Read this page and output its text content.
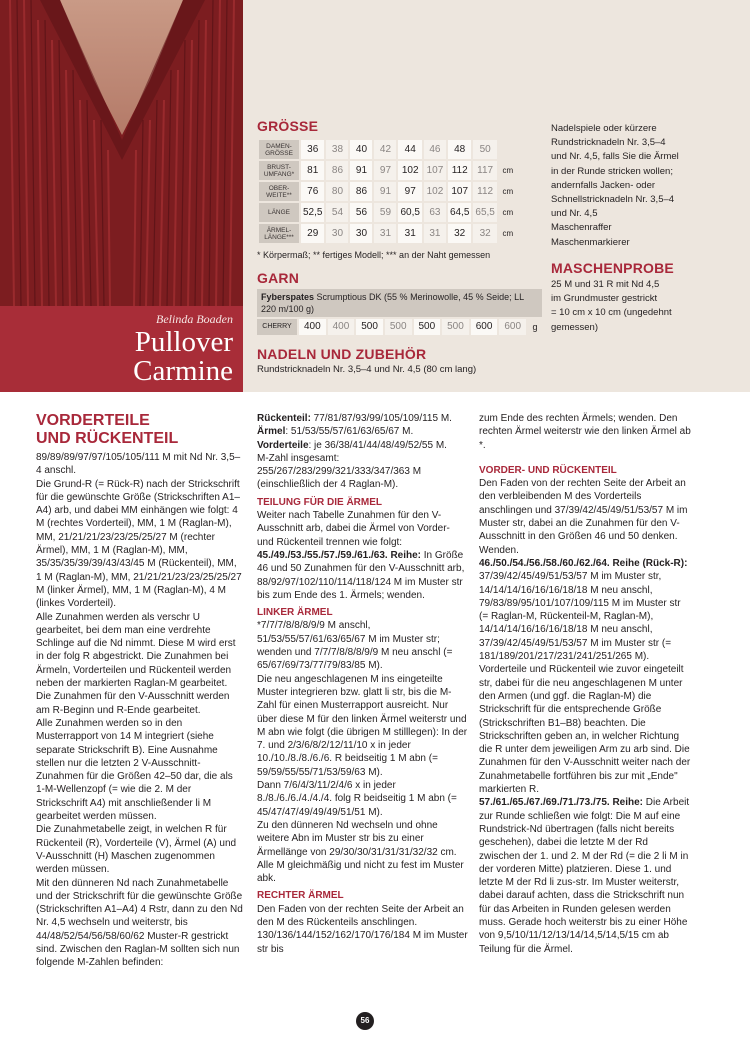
Belinda Boaden
Pullover
Carmine
GRÖSSE
DAMEN-GRÖSSE	36	38	40	42	44	46	48	50	
BRUST-UMFANG*	81	86	91	97	102	107	112	117	cm
OBER-WEITE**	76	80	86	91	97	102	107	112	cm
LÄNGE	52,5	54	56	59	60,5	63	64,5	65,5	cm
ÄRMEL-LÄNGE***	29	30	30	31	31	31	32	32	cm
* Körpermaß; ** fertiges Modell; *** an der Naht gemessen
GARN
Fyberspates Scrumptious DK (55 % Merinowolle, 45 % Seide; LL 220 m/100 g)
CHERRY	400	400	500	500	500	500	600	600	g
NADELN UND ZUBEHÖR
Rundstricknadeln Nr. 3,5–4 und Nr. 4,5 (80 cm lang)
Nadelspiele oder kürzere
Rundstricknadeln Nr. 3,5–4
und Nr. 4,5, falls Sie die Ärmel
in der Runde stricken wollen;
andernfalls Jacken- oder
Schnellstricknadeln Nr. 3,5–4
und Nr. 4,5
Maschenraffer
Maschenmarkierer
MASCHENPROBE
25 M und 31 R mit Nd 4,5
im Grundmuster gestrickt
= 10 cm x 10 cm (ungedehnt
gemessen)
VORDERTEILE
UND RÜCKENTEIL

89/89/89/97/97/105/105/111 M mit Nd Nr. 3,5–4 anschl.

Die Grund-R (= Rück-R) nach der Strickschrift für die gewünschte Größe (Strickschriften A1–A4) arb, und dabei MM einhängen wie folgt: 4 M (rechtes Vorderteil), MM, 1 M (Raglan-M), MM, 21/21/21/23/23/25/25/27 M (rechter Ärmel), MM, 1 M (Raglan-M), MM, 35/35/35/39/39/43/43/45 M (Rückenteil), MM, 1 M (Raglan-M), MM, 21/21/21/23/23/25/25/27 M (linker Ärmel), MM, 1 M (Raglan-M), 4 M (linkes Vorderteil).

Alle Zunahmen werden als verschr U gearbeitet, bei dem man eine verdrehte Schlinge auf die Nd nimmt. Diese M wird erst in der folg R abgestrickt. Die Zunahmen bei Ärmeln, Vorderteilen und Rückenteil werden neben der markierten Raglan-M gearbeitet. Die Zunahmen für den V-Ausschnitt werden am R-Beginn und R-Ende gearbeitet.

Alle Zunahmen werden so in den Musterrapport von 14 M integriert (siehe separate Strickschrift B). Eine Ausnahme stellen nur die letzten 2 V-Ausschnitt-Zunahmen für die Größen 42–50 dar, die als 1-M-Wellenzopf (= wie die 2. M der Strickschrift A4) mit anschließender li M gearbeitet werden müssen.

Die Zunahmetabelle zeigt, in welchen R für Rückenteil (R), Vorderteile (V), Ärmel (A) und V-Ausschnitt (H) Maschen zugenommen werden müssen.

Mit den dünneren Nd nach Zunahmetabelle und der Strickschrift für die gewünschte Größe (Strickschriften A1–A4) 4 Rstr, dann zu den Nd Nr. 4,5 wechseln und weiterstr, bis 44/48/52/54/56/58/60/62 Muster-R gestrickt sind. Zwischen den Raglan-M sollten sich nun folgende M-Zahlen befinden:

Rückenteil: 77/81/87/93/99/105/109/115 M.

Ärmel: 51/53/55/57/61/63/65/67 M.

Vorderteile: je 36/38/41/44/48/49/52/55 M.

M-Zahl insgesamt: 255/267/283/299/321/333/347/363 M (einschließlich der 4 Raglan-M).

TEILUNG FÜR DIE ÄRMEL

Weiter nach Tabelle Zunahmen für den V-Ausschnitt arb, dabei die Ärmel von Vorder- und Rückenteil trennen wie folgt:

45./49./53./55./57./59./61./63. Reihe: In Größe 46 und 50 Zunahmen für den V-Ausschnitt arb, 88/92/97/102/110/114/118/124 M im Muster str bis zum Ende des 1. Ärmels; wenden.

LINKER ÄRMEL

*7/7/7/8/8/8/9/9 M anschl, 51/53/55/57/61/63/65/67 M im Muster str; wenden und 7/7/7/8/8/8/9/9 M neu anschl (= 65/67/69/73/77/79/83/85 M).

Die neu angeschlagenen M ins eingeteilte Muster integrieren bzw. glatt li str, bis die M-Zahl für einen Musterrapport ausreicht. Nur über diese M für den linken Ärmel weiterstr und M abn wie folgt (die übrigen M stilllegen): In der 7. und 2/3/6/8/2/12/11/10 x in jeder 10./10./8./8./6./6. R beidseitig 1 M abn (= 59/59/55/55/71/53/59/63 M).

Dann 7/6/4/3/11/2/4/6 x in jeder 8./8./6./6./4./4./4. folg R beidseitig 1 M abn (= 45/47/47/49/49/49/51/51 M).

Zu den dünneren Nd wechseln und ohne weitere Abn im Muster str bis zu einer Ärmellänge von 29/30/30/31/31/31/32/32 cm.

Alle M gleichmäßig und nicht zu fest im Muster abk.

RECHTER ÄRMEL

Den Faden von der rechten Seite der Arbeit an den M des Rückenteils anschlingen. 130/136/144/152/162/170/176/184 M im Muster str bis

zum Ende des rechten Ärmels; wenden. Den rechten Ärmel weiterstr wie den linken Ärmel ab *.

VORDER- UND RÜCKENTEIL

Den Faden von der rechten Seite der Arbeit an den verbleibenden M des Vorderteils anschlingen und 37/39/42/45/49/51/53/57 M im Muster str, dabei an die Zunahmen für den V-Ausschnitt in den Größen 46 und 50 denken. Wenden.

46./50./54./56./58./60./62./64. Reihe (Rück-R): 37/39/42/45/49/51/53/57 M im Muster str, 14/14/14/16/16/16/18/18 M neu anschl, 79/83/89/95/101/107/109/115 M im Muster str (= Raglan-M, Rückenteil-M, Raglan-M), 14/14/14/16/16/16/18/18 M neu anschl, 37/39/42/45/49/51/53/57 M im Muster str (= 181/189/201/217/231/241/251/265 M).

Vorderteile und Rückenteil wie zuvor eingeteilt str, dabei für die neu angeschlagenen M unter den Armen (und ggf. die Raglan-M) die Strickschrift für die entsprechende Größe (Strickschriften B1–B8) beachten. Die Strickschriften geben an, in welcher Richtung die R unter dem jeweiligen Arm zu arb sind. Die Zunahmen für den V-Ausschnitt weiter nach der Zunahmetabelle fortführen bis zur mit „Ende" markierten R.

57./61./65./67./69./71./73./75. Reihe: Die Arbeit zur Runde schließen wie folgt: Die M auf eine Rundstrick-Nd übertragen (falls nicht bereits geschehen), dabei die letzte M der Rd zwischen der 1. und 2. M der Rd (= die 2 li M in der vorderen Mitte) platzieren. Diese 1. und letzte M der Rd li zus-str. Im Muster weiterstr, dabei darauf achten, dass die Strickschrift nun für das Arbeiten in Runden gelesen werden muss. Gerade hoch weiterstr bis zu einer Höhe von 9,5/10/11/12/13/14/14,5/14,5/15 cm ab Teilung für die Ärmel.

56
